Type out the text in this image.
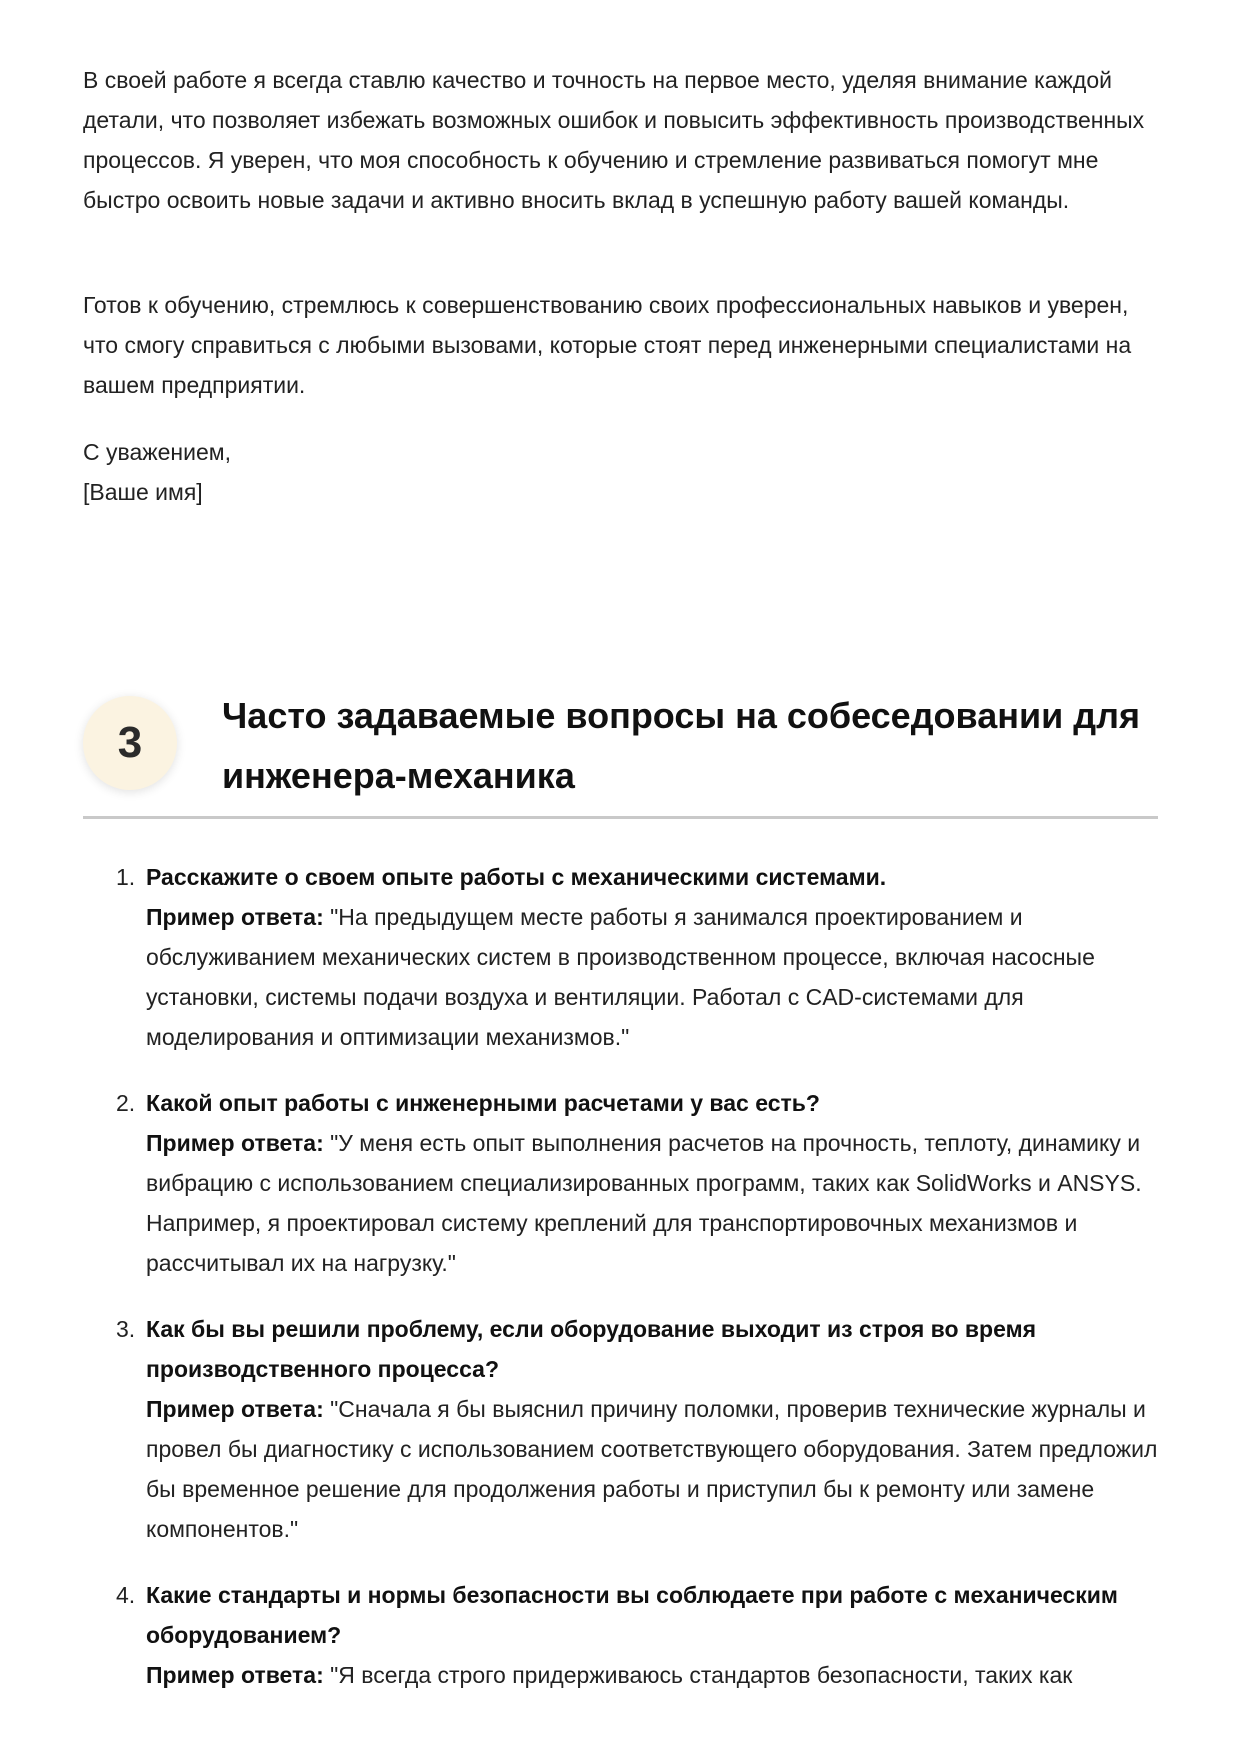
В своей работе я всегда ставлю качество и точность на первое место, уделяя внимание каждой детали, что позволяет избежать возможных ошибок и повысить эффективность производственных процессов. Я уверен, что моя способность к обучению и стремление развиваться помогут мне быстро освоить новые задачи и активно вносить вклад в успешную работу вашей команды.

Готов к обучению, стремлюсь к совершенствованию своих профессиональных навыков и уверен, что смогу справиться с любыми вызовами, которые стоят перед инженерными специалистами на вашем предприятии.

С уважением,
[Ваше имя]

3
Часто задаваемые вопросы на собеседовании для инженера-механика
1. Расскажите о своем опыте работы с механическими системами.
Пример ответа: "На предыдущем месте работы я занимался проектированием и обслуживанием механических систем в производственном процессе, включая насосные установки, системы подачи воздуха и вентиляции. Работал с CAD-системами для моделирования и оптимизации механизмов."
2. Какой опыт работы с инженерными расчетами у вас есть?
Пример ответа: "У меня есть опыт выполнения расчетов на прочность, теплоту, динамику и вибрацию с использованием специализированных программ, таких как SolidWorks и ANSYS. Например, я проектировал систему креплений для транспортировочных механизмов и рассчитывал их на нагрузку."
3. Как бы вы решили проблему, если оборудование выходит из строя во время производственного процесса?
Пример ответа: "Сначала я бы выяснил причину поломки, проверив технические журналы и провел бы диагностику с использованием соответствующего оборудования. Затем предложил бы временное решение для продолжения работы и приступил бы к ремонту или замене компонентов."
4. Какие стандарты и нормы безопасности вы соблюдаете при работе с механическим оборудованием?
Пример ответа: "Я всегда строго придерживаюсь стандартов безопасности, таких как
